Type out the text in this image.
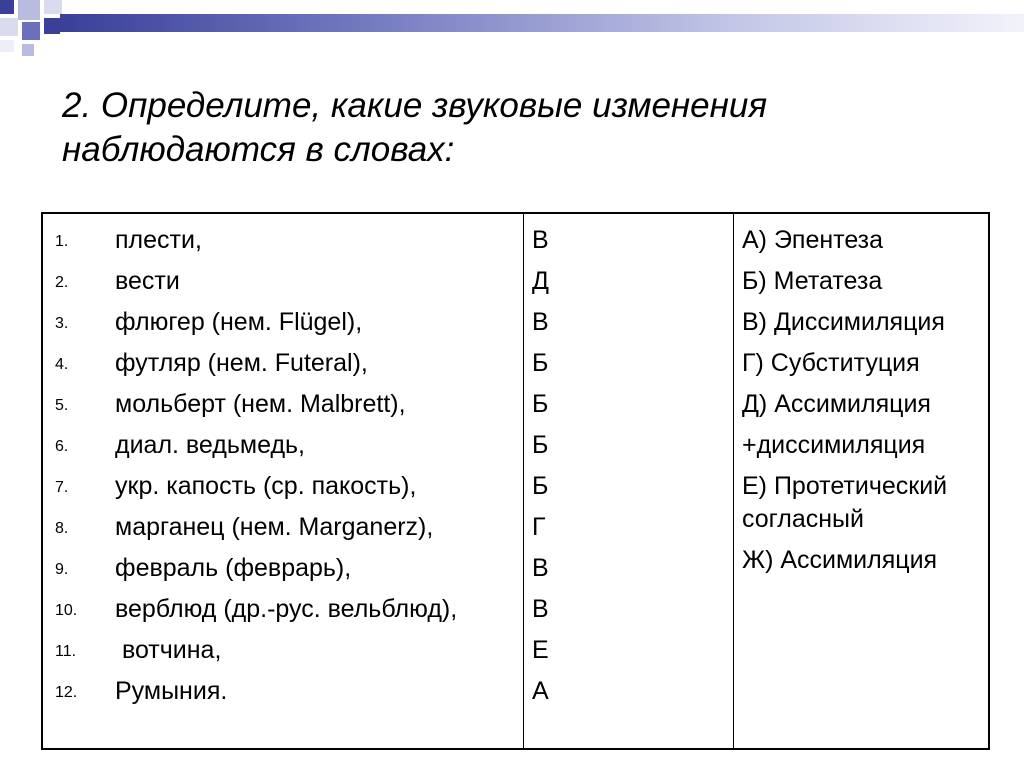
2. Определите, какие звуковые изменения
наблюдаются в словах:
1. плести,
2. вести
3. флюгер (нем. Flügel),
4. футляр (нем. Futeral),
5. мольберт (нем. Malbrett),
6. диал. ведьмедь,
7. укр. капость (ср. пакость),
8. марганец (нем. Marganerz),
9. февраль (феврарь),
10. верблюд (др.-рус. вельблюд),
11. вотчина,
12. Румыния.
В
Д
В
Б
Б
Б
Б
Г
В
В
Е
А
А) Эпентеза
Б) Метатеза
В) Диссимиляция
Г) Субституция
Д) Ассимиляция
+диссимиляция
Е) Протетический согласный
Ж) Ассимиляция
